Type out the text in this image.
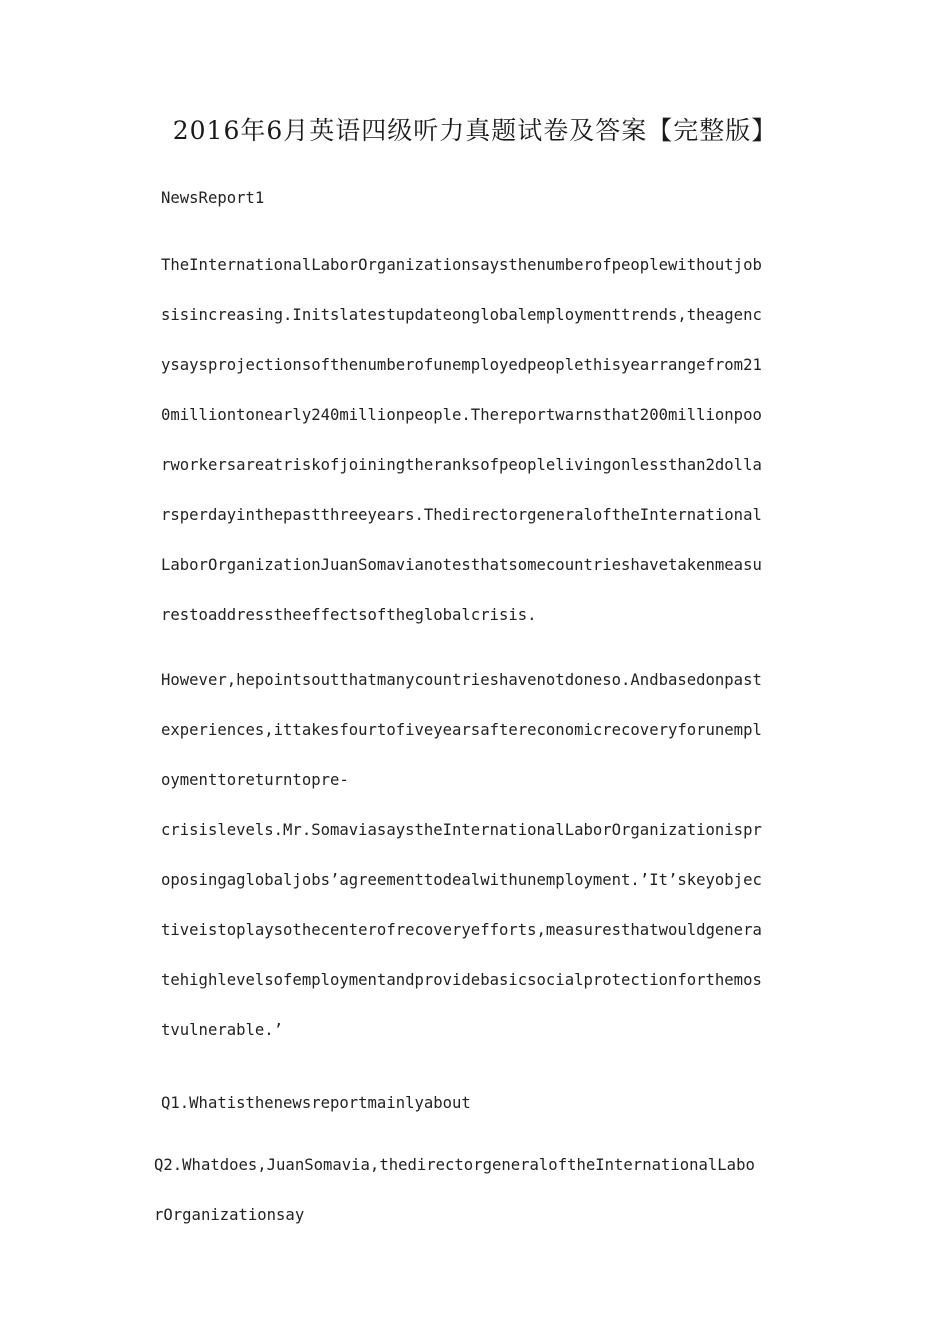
2016年6月英语四级听力真题试卷及答案【完整版】
NewsReport1
TheInternationalLaborOrganizationsaysthenumberofpeoplewithoutjob
sisincreasing.Initslatestupdateonglobalemploymenttrends,theagenc
ysaysprojectionsofthenumberofunemployedpeoplethisyearrangefrom21
0milliontonearly240millionpeople.Thereportwarnsthat200millionpoo
rworkersareatriskofjoiningtheranksofpeoplelivingonlessthan2dolla
rsperdayinthepastthreeyears.ThedirectorgeneraloftheInternational
LaborOrganizationJuanSomavianotesthatsomecountrieshavetakenmeasu
restoaddresstheeffectsoftheglobalcrisis.
However,hepointsoutthatmanycountrieshavenotdoneso.Andbasedonpast
experiences,ittakesfourtofiveyearsaftereconomicrecoveryforunempl
oymenttoreturntopre-
crisislevels.Mr.SomaviasaystheInternationalLaborOrganizationispr
oposingaglobaljobs’agreementtodealwithunemployment.’It’skeyobjec
tiveistoplaysothecenterofrecoveryefforts,measuresthatwouldgenera
tehighlevelsofemploymentandprovidebasicsocialprotectionforthemos
tvulnerable.’
Q1.Whatisthenewsreportmainlyabout
Q2.Whatdoes,JuanSomavia,thedirectorgeneraloftheInternationalLabo
rOrganizationsay
